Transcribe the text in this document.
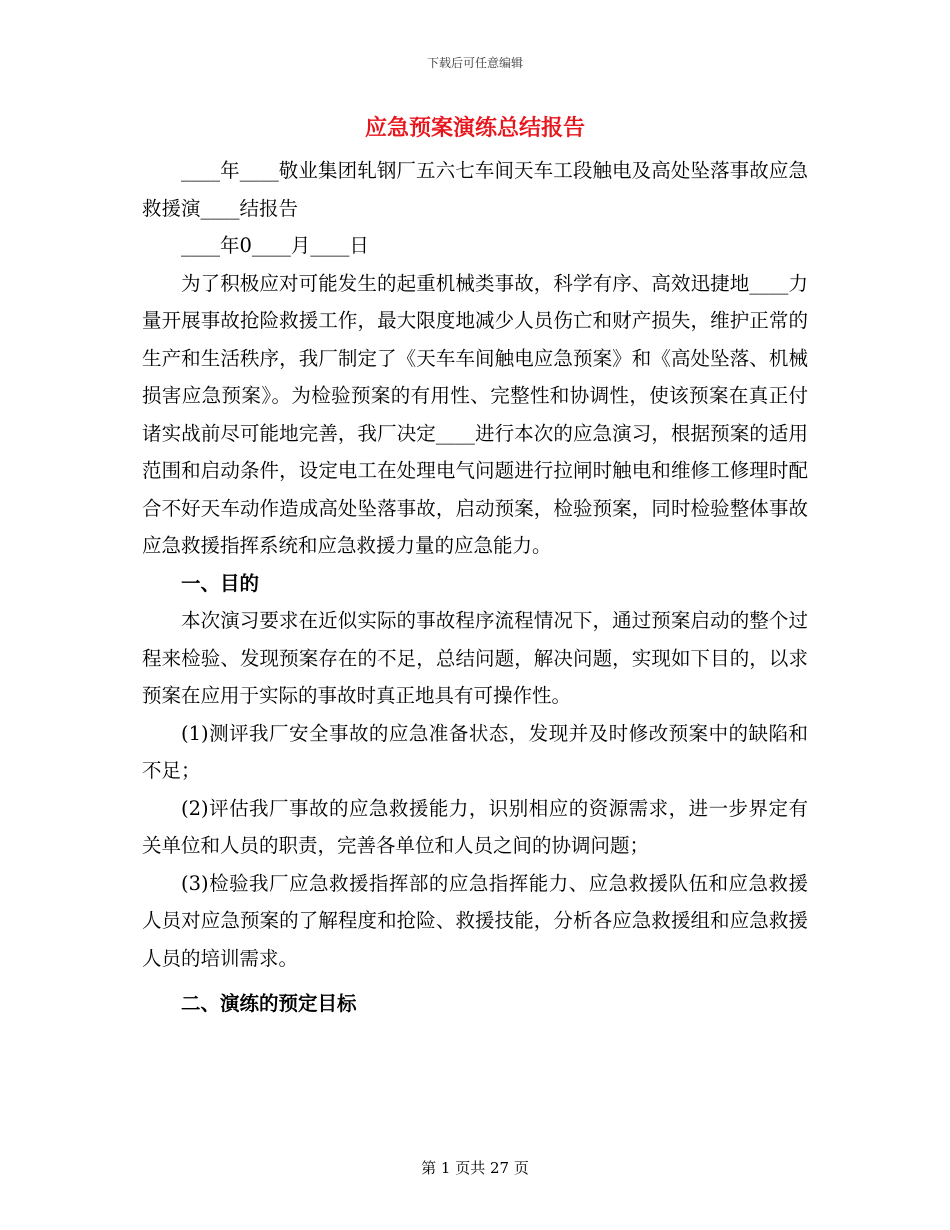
下载后可任意编辑
应急预案演练总结报告

____年____敬业集团轧钢厂五六七车间天车工段触电及高处坠落事故应急救援演____结报告

____年0____月____日

为了积极应对可能发生的起重机械类事故，科学有序、高效迅捷地____力量开展事故抢险救援工作，最大限度地减少人员伤亡和财产损失，维护正常的生产和生活秩序，我厂制定了《天车车间触电应急预案》和《高处坠落、机械损害应急预案》。为检验预案的有用性、完整性和协调性，使该预案在真正付诸实战前尽可能地完善，我厂决定____进行本次的应急演习，根据预案的适用范围和启动条件，设定电工在处理电气问题进行拉闸时触电和维修工修理时配合不好天车动作造成高处坠落事故，启动预案，检验预案，同时检验整体事故应急救援指挥系统和应急救援力量的应急能力。

一、目的

本次演习要求在近似实际的事故程序流程情况下，通过预案启动的整个过程来检验、发现预案存在的不足，总结问题，解决问题，实现如下目的，以求预案在应用于实际的事故时真正地具有可操作性。

(1)测评我厂安全事故的应急准备状态，发现并及时修改预案中的缺陷和不足；

(2)评估我厂事故的应急救援能力，识别相应的资源需求，进一步界定有关单位和人员的职责，完善各单位和人员之间的协调问题；

(3)检验我厂应急救援指挥部的应急指挥能力、应急救援队伍和应急救援人员对应急预案的了解程度和抢险、救援技能，分析各应急救援组和应急救援人员的培训需求。

二、演练的预定目标
第 1 页共 27 页
